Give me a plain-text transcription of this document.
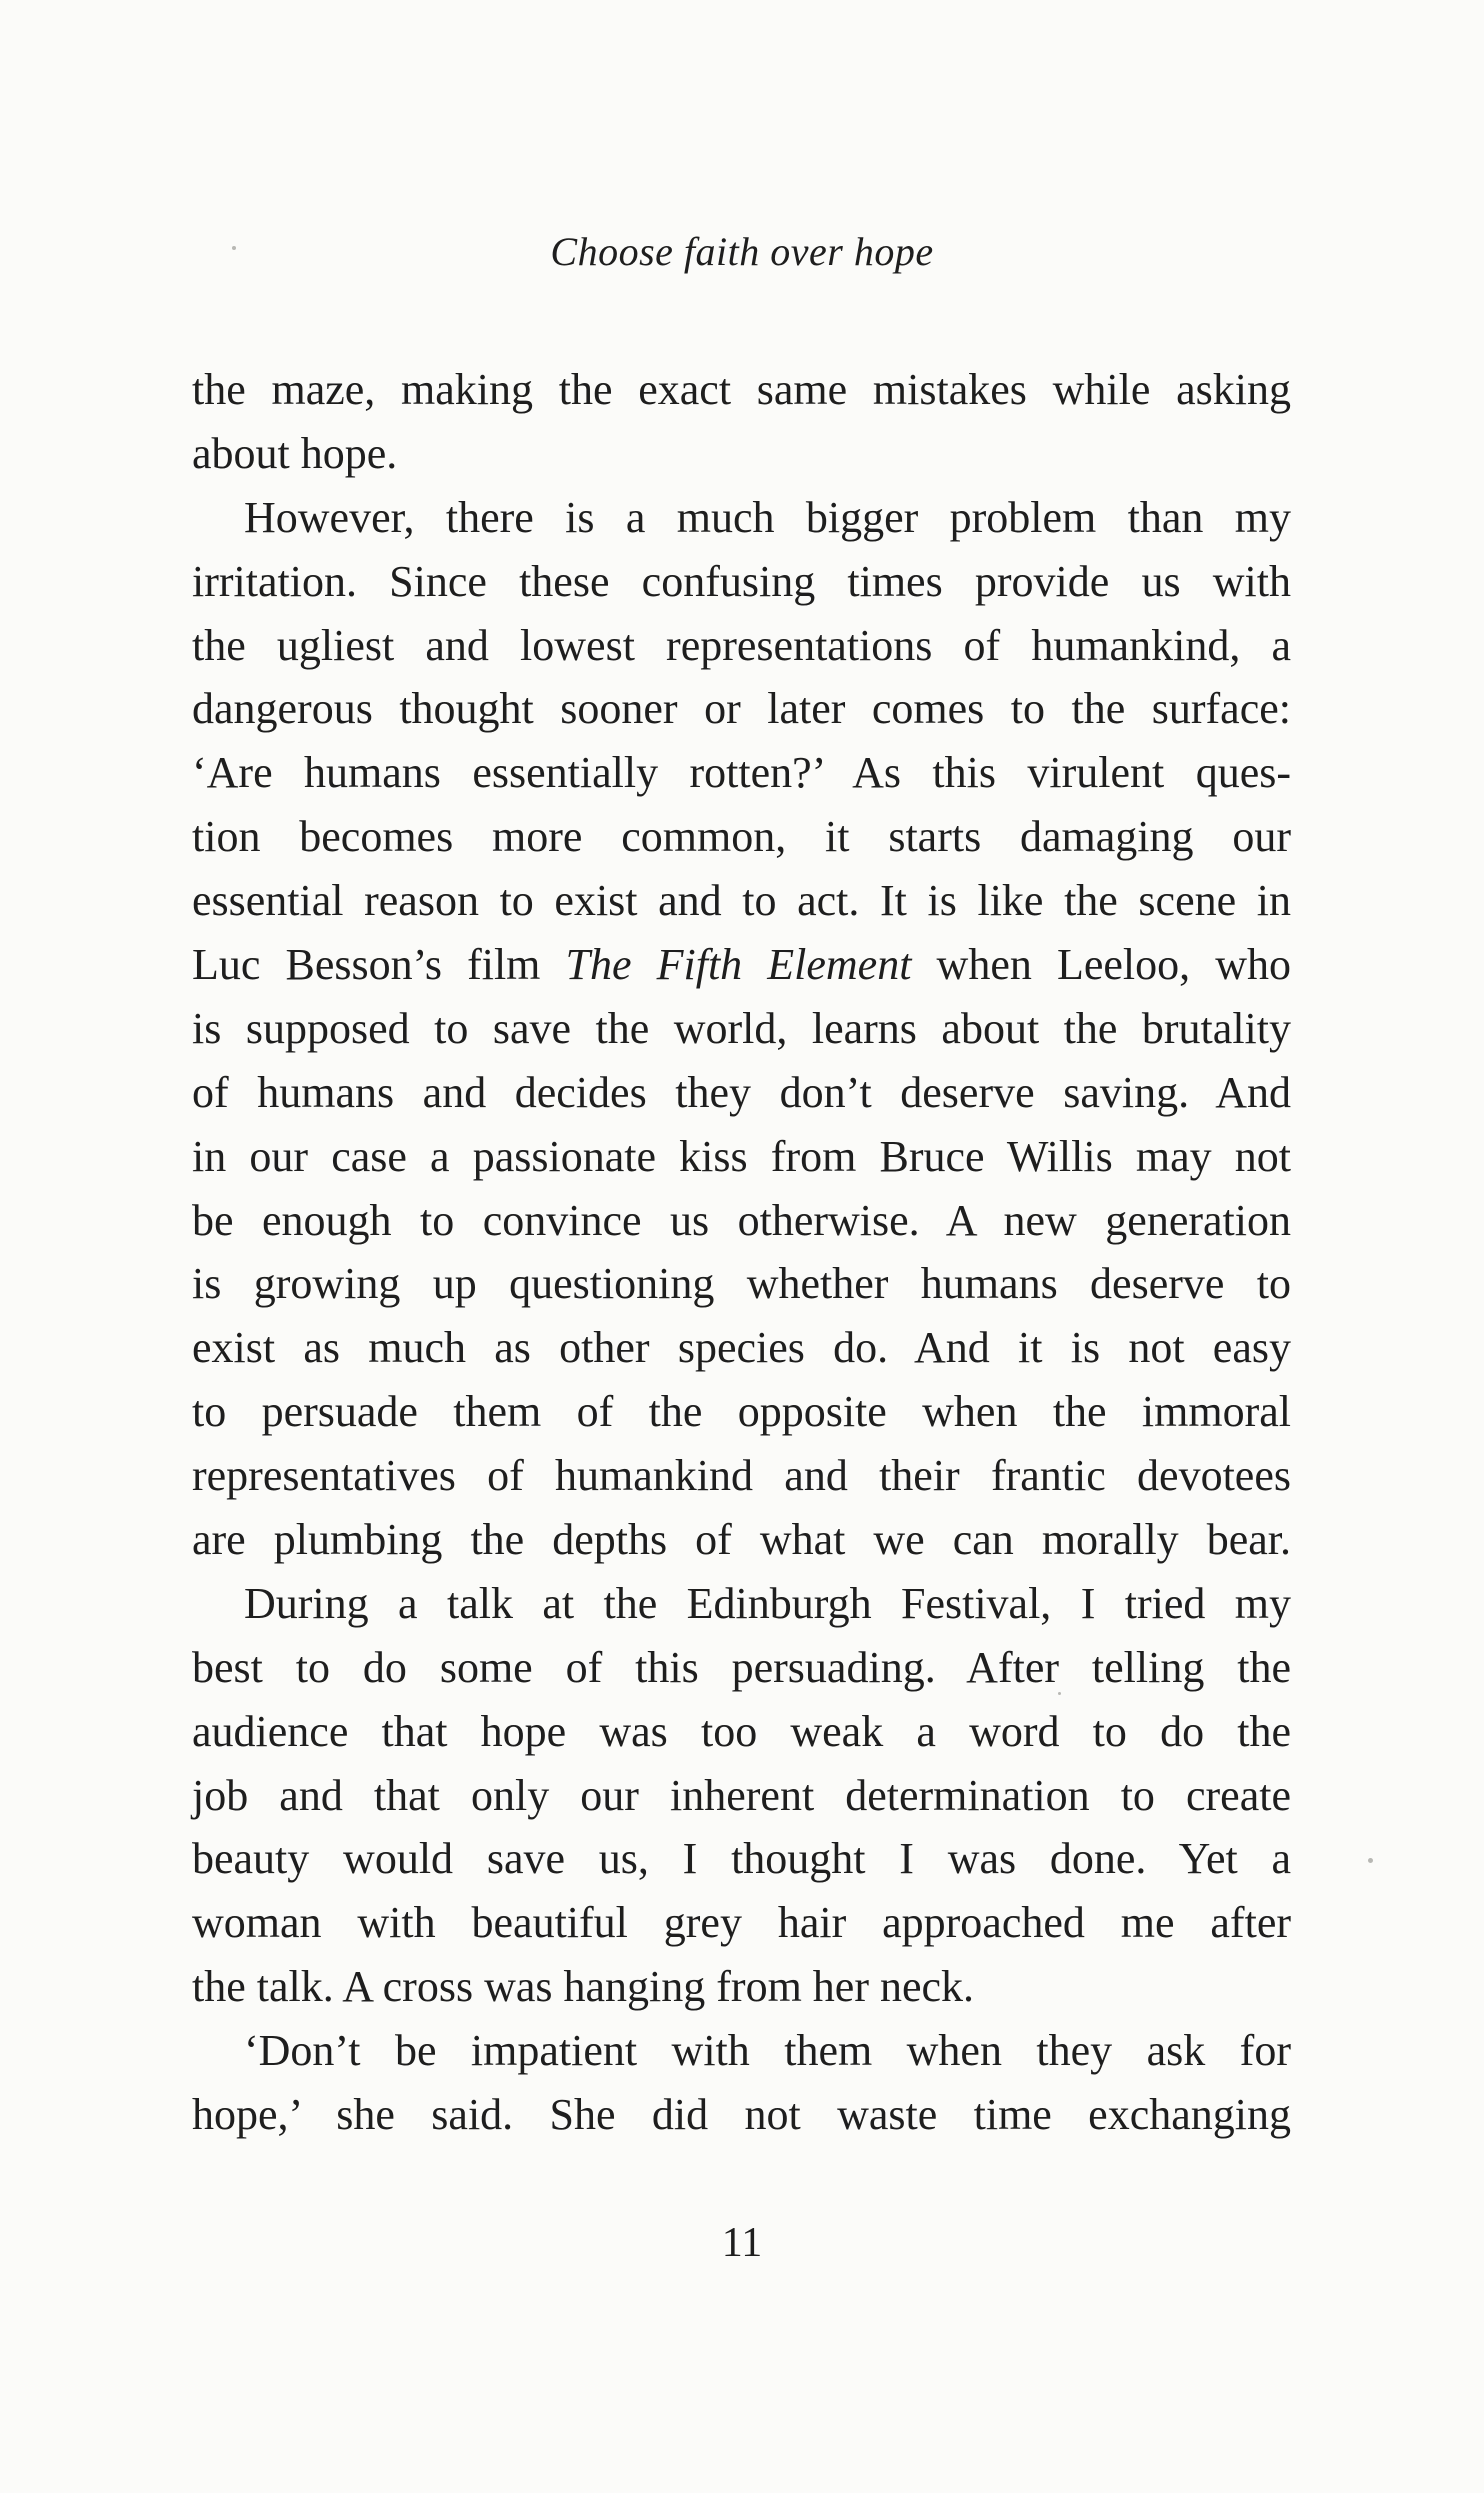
Choose faith over hope
the maze, making the exact same mistakes while asking
about hope.
However, there is a much bigger problem than my
irritation. Since these confusing times provide us with
the ugliest and lowest representations of humankind, a
dangerous thought sooner or later comes to the surface:
‘Are humans essentially rotten?’ As this virulent ques-
tion becomes more common, it starts damaging our
essential reason to exist and to act. It is like the scene in
Luc Besson’s film The Fifth Element when Leeloo, who
is supposed to save the world, learns about the brutality
of humans and decides they don’t deserve saving. And
in our case a passionate kiss from Bruce Willis may not
be enough to convince us otherwise. A new generation
is growing up questioning whether humans deserve to
exist as much as other species do. And it is not easy
to persuade them of the opposite when the immoral
representatives of humankind and their frantic devotees
are plumbing the depths of what we can morally bear.
During a talk at the Edinburgh Festival, I tried my
best to do some of this persuading. After telling the
audience that hope was too weak a word to do the
job and that only our inherent determination to create
beauty would save us, I thought I was done. Yet a
woman with beautiful grey hair approached me after
the talk. A cross was hanging from her neck.
‘Don’t be impatient with them when they ask for
hope,’ she said. She did not waste time exchanging
11
